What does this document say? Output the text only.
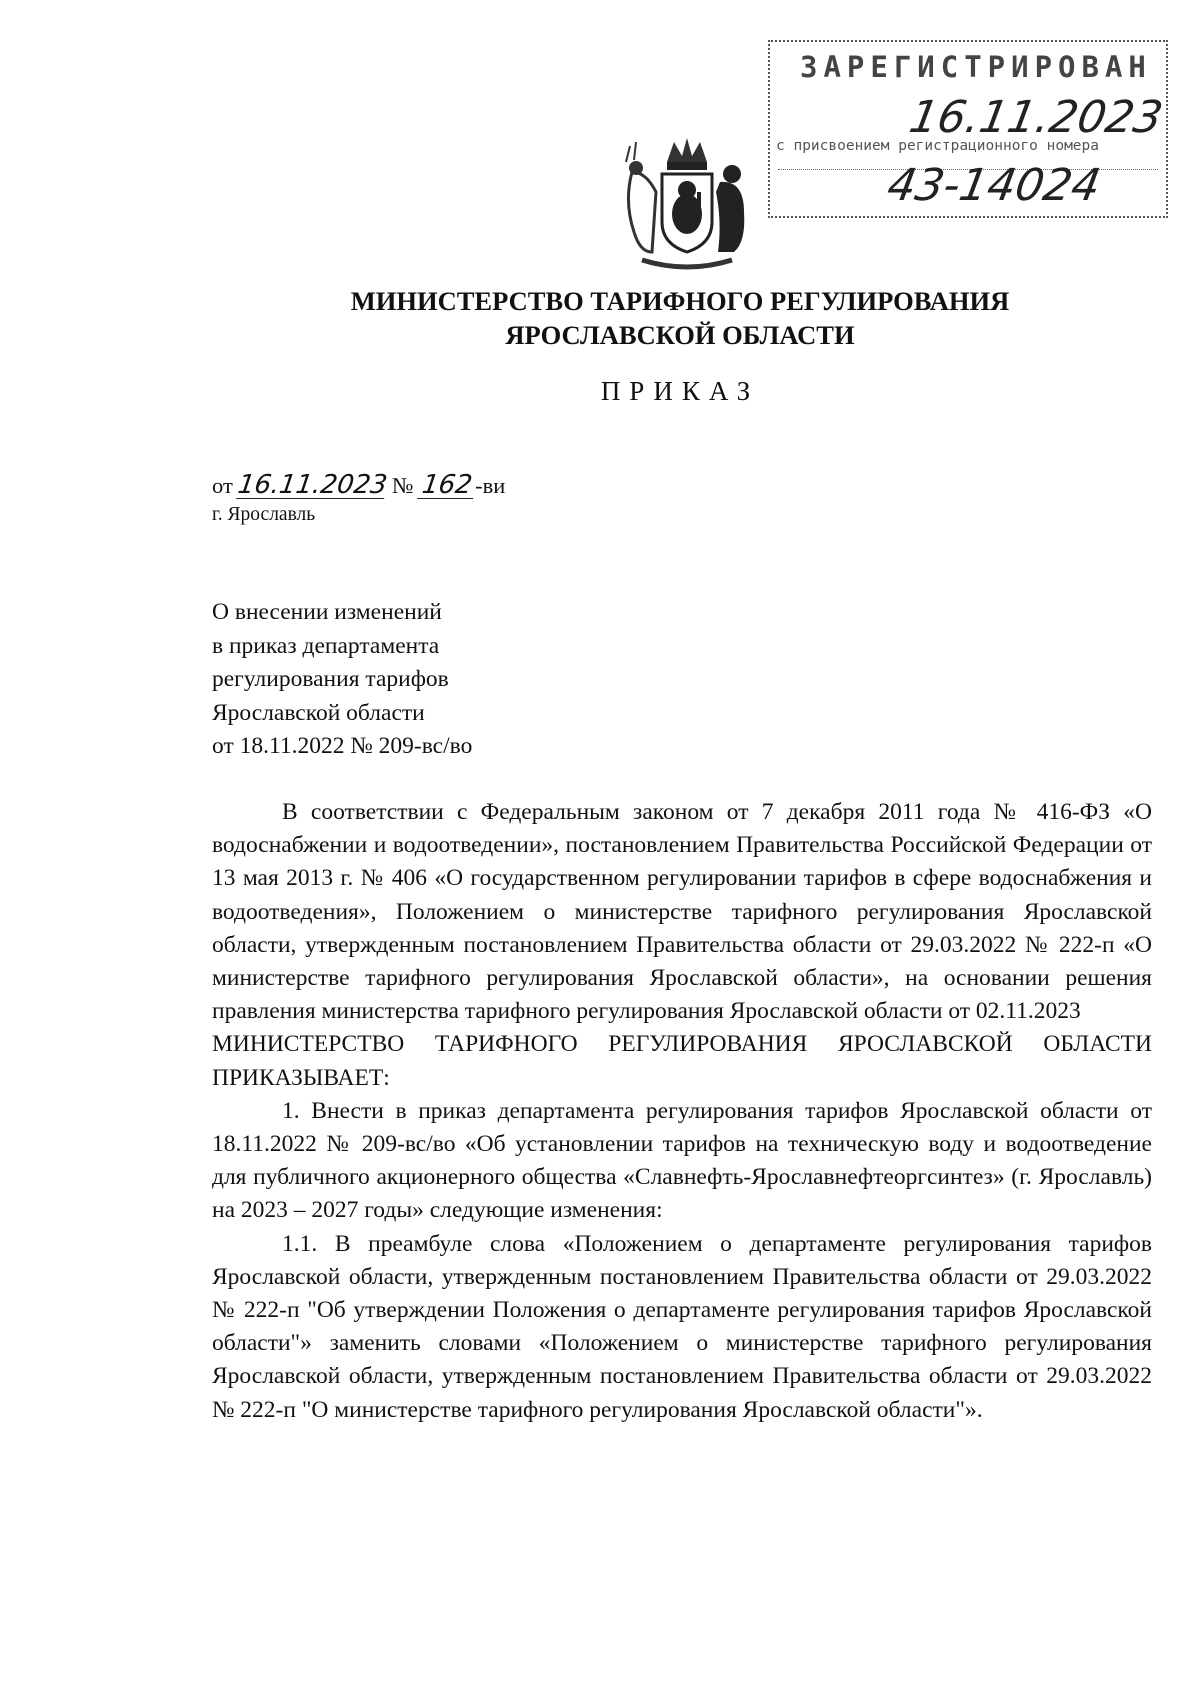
ЗАРЕГИСТРИРОВАН
16.11.2023
с присвоением регистрационного номера
43-14024
МИНИСТЕРСТВО ТАРИФНОГО РЕГУЛИРОВАНИЯ
ЯРОСЛАВСКОЙ ОБЛАСТИ
ПРИКАЗ
от 16.11.2023 № 162-ви
г. Ярославль
О внесении изменений
в приказ департамента
регулирования тарифов
Ярославской области
от 18.11.2022 № 209-вс/во

В соответствии с Федеральным законом от 7 декабря 2011 года № 416-ФЗ «О водоснабжении и водоотведении», постановлением Правительства Российской Федерации от 13 мая 2013 г. № 406 «О государственном регулировании тарифов в сфере водоснабжения и водоотведения», Положением о министерстве тарифного регулирования Ярославской области, утвержденным постановлением Правительства области от 29.03.2022 № 222-п «О министерстве тарифного регулирования Ярославской области», на основании решения правления министерства тарифного регулирования Ярославской области от 02.11.2023

МИНИСТЕРСТВО ТАРИФНОГО РЕГУЛИРОВАНИЯ ЯРОСЛАВСКОЙ ОБЛАСТИ ПРИКАЗЫВАЕТ:

1. Внести в приказ департамента регулирования тарифов Ярославской области от 18.11.2022 № 209-вс/во «Об установлении тарифов на техническую воду и водоотведение для публичного акционерного общества «Славнефть-Ярославнефтеоргсинтез» (г. Ярославль) на 2023 – 2027 годы» следующие изменения:

1.1. В преамбуле слова «Положением о департаменте регулирования тарифов Ярославской области, утвержденным постановлением Правительства области от 29.03.2022 № 222-п "Об утверждении Положения о департаменте регулирования тарифов Ярославской области"» заменить словами «Положением о министерстве тарифного регулирования Ярославской области, утвержденным постановлением Правительства области от 29.03.2022 № 222-п "О министерстве тарифного регулирования Ярославской области"».
